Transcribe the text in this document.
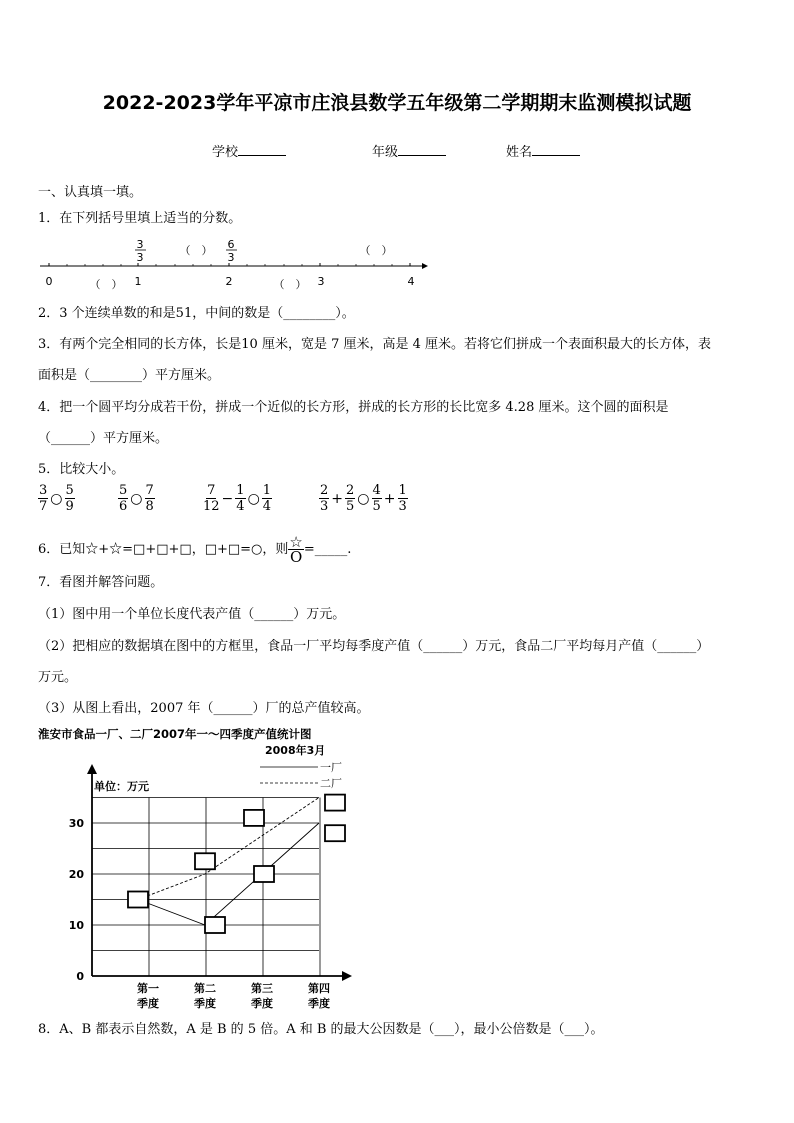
2022-2023学年平凉市庄浪县数学五年级第二学期期末监测模拟试题
学校	年级	姓名
一、认真填一填。
1．在下列括号里填上适当的分数。
0	1	2	3	4
3
3
6
3
（　）	（　）
（　）	（　）
2．3 个连续单数的和是51，中间的数是（________）。
3．有两个完全相同的长方体，长是10 厘米，宽是 7 厘米，高是 4 厘米。若将它们拼成一个表面积最大的长方体，表
面积是（________）平方厘米。
4．把一个圆平均分成若干份，拼成一个近似的长方形，拼成的长方形的长比宽多 4.28 厘米。这个圆的面积是
（______）平方厘米。
5．比较大小。
$\frac{3}{7}$ ○ $\frac{5}{9}$	$\frac{5}{6}$ ○ $\frac{7}{8}$	$\frac{7}{12} - \frac{1}{4}$ ○ $\frac{1}{4}$	$\frac{2}{3} + \frac{2}{5}$ ○ $\frac{4}{5} + \frac{1}{3}$
6．已知☆+☆=□+□+□，□+□=○，则 $\frac{☆}{O}$ =_____.
7．看图并解答问题。
（1）图中用一个单位长度代表产值（______）万元。
（2）把相应的数据填在图中的方框里，食品一厂平均每季度产值（______）万元，食品二厂平均每月产值（______）
万元。
（3）从图上看出，2007 年（______）厂的总产值较高。
淮安市食品一厂、二厂2007年一～四季度产值统计图
2008年3月
一厂
二厂
单位：万元
0
10
20
30
第一
季度
第二
季度
第三
季度
第四
季度
8．A、B 都表示自然数，A 是 B 的 5 倍。A 和 B 的最大公因数是（___），最小公倍数是（___）。
